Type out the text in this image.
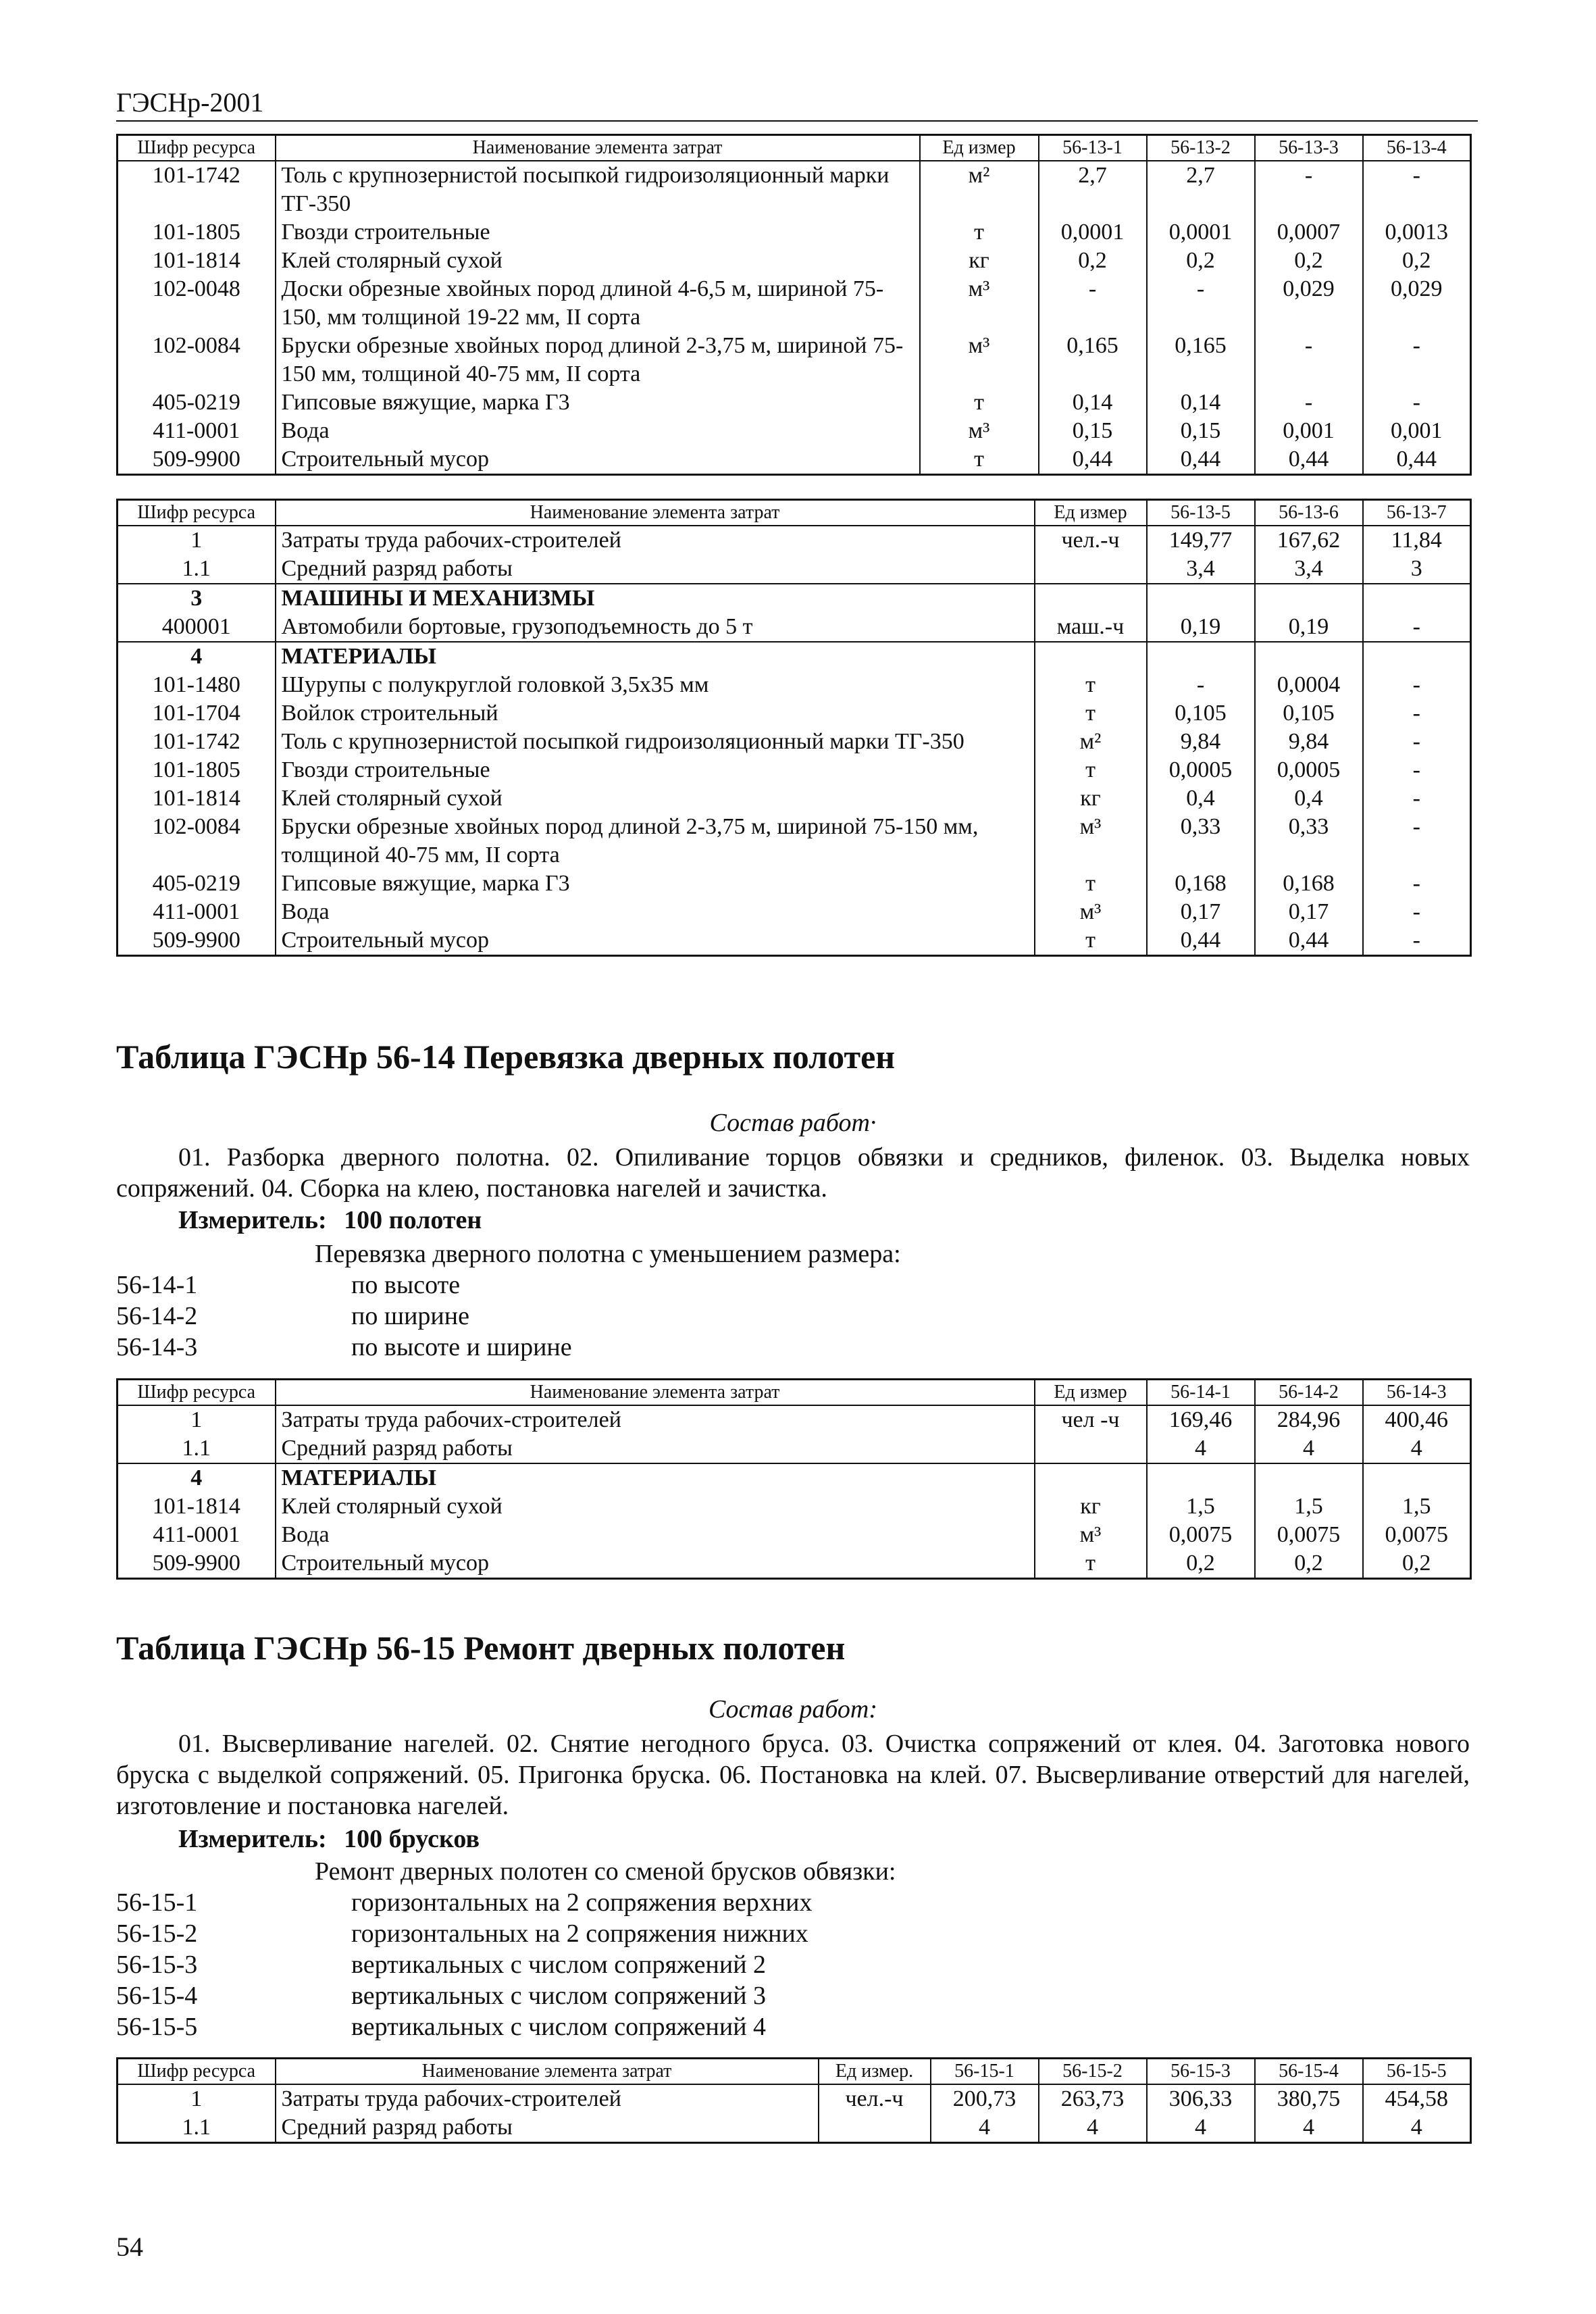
ГЭСНр-2001
Шифр ресурса	Наименование элемента затрат	Ед измер	56-13-1	56-13-2	56-13-3	56-13-4
101-1742	Толь с крупнозернистой посыпкой гидроизоляционный марки ТГ-350	м²	2,7	2,7	-	-
101-1805	Гвозди строительные	т	0,0001	0,0001	0,0007	0,0013
101-1814	Клей столярный сухой	кг	0,2	0,2	0,2	0,2
102-0048	Доски обрезные хвойных пород длиной 4-6,5 м, шириной 75-150, мм толщиной 19-22 мм, II сорта	м³	-	-	0,029	0,029
102-0084	Бруски обрезные хвойных пород длиной 2-3,75 м, шириной 75-150 мм, толщиной 40-75 мм, II сорта	м³	0,165	0,165	-	-
405-0219	Гипсовые вяжущие, марка Г3	т	0,14	0,14	-	-
411-0001	Вода	м³	0,15	0,15	0,001	0,001
509-9900	Строительный мусор	т	0,44	0,44	0,44	0,44
Шифр ресурса	Наименование элемента затрат	Ед измер	56-13-5	56-13-6	56-13-7
1	Затраты труда рабочих-строителей	чел.-ч	149,77	167,62	11,84
1.1	Средний разряд работы		3,4	3,4	3
3	МАШИНЫ И МЕХАНИЗМЫ				
400001	Автомобили бортовые, грузоподъемность до 5 т	маш.-ч	0,19	0,19	-
4	МАТЕРИАЛЫ				
101-1480	Шурупы с полукруглой головкой 3,5х35 мм	т	-	0,0004	-
101-1704	Войлок строительный	т	0,105	0,105	-
101-1742	Толь с крупнозернистой посыпкой гидроизоляционный марки ТГ-350	м²	9,84	9,84	-
101-1805	Гвозди строительные	т	0,0005	0,0005	-
101-1814	Клей столярный сухой	кг	0,4	0,4	-
102-0084	Бруски обрезные хвойных пород длиной 2-3,75 м, шириной 75-150 мм, толщиной 40-75 мм, II сорта	м³	0,33	0,33	-
405-0219	Гипсовые вяжущие, марка Г3	т	0,168	0,168	-
411-0001	Вода	м³	0,17	0,17	-
509-9900	Строительный мусор	т	0,44	0,44	-
Таблица ГЭСНр 56-14 Перевязка дверных полотен
Состав работ·
01. Разборка дверного полотна. 02. Опиливание торцов обвязки и средников, филенок. 03. Выделка новых сопряжений. 04. Сборка на клею, постановка нагелей и зачистка.
Измеритель: 100 полотен
Перевязка дверного полотна с уменьшением размера:
56-14-1	по высоте
56-14-2	по ширине
56-14-3	по высоте и ширине
Шифр ресурса	Наименование элемента затрат	Ед измер	56-14-1	56-14-2	56-14-3
1	Затраты труда рабочих-строителей	чел -ч	169,46	284,96	400,46
1.1	Средний разряд работы		4	4	4
4	МАТЕРИАЛЫ				
101-1814	Клей столярный сухой	кг	1,5	1,5	1,5
411-0001	Вода	м³	0,0075	0,0075	0,0075
509-9900	Строительный мусор	т	0,2	0,2	0,2
Таблица ГЭСНр 56-15 Ремонт дверных полотен
Состав работ:
01. Высверливание нагелей. 02. Снятие негодного бруса. 03. Очистка сопряжений от клея. 04. Заготовка нового бруска с выделкой сопряжений. 05. Пригонка бруска. 06. Постановка на клей. 07. Высверливание отверстий для нагелей, изготовление и постановка нагелей.
Измеритель: 100 брусков
Ремонт дверных полотен со сменой брусков обвязки:
56-15-1	горизонтальных на 2 сопряжения верхних
56-15-2	горизонтальных на 2 сопряжения нижних
56-15-3	вертикальных с числом сопряжений 2
56-15-4	вертикальных с числом сопряжений 3
56-15-5	вертикальных с числом сопряжений 4
Шифр ресурса	Наименование элемента затрат	Ед измер.	56-15-1	56-15-2	56-15-3	56-15-4	56-15-5
1	Затраты труда рабочих-строителей	чел.-ч	200,73	263,73	306,33	380,75	454,58
1.1	Средний разряд работы		4	4	4	4	4
54
